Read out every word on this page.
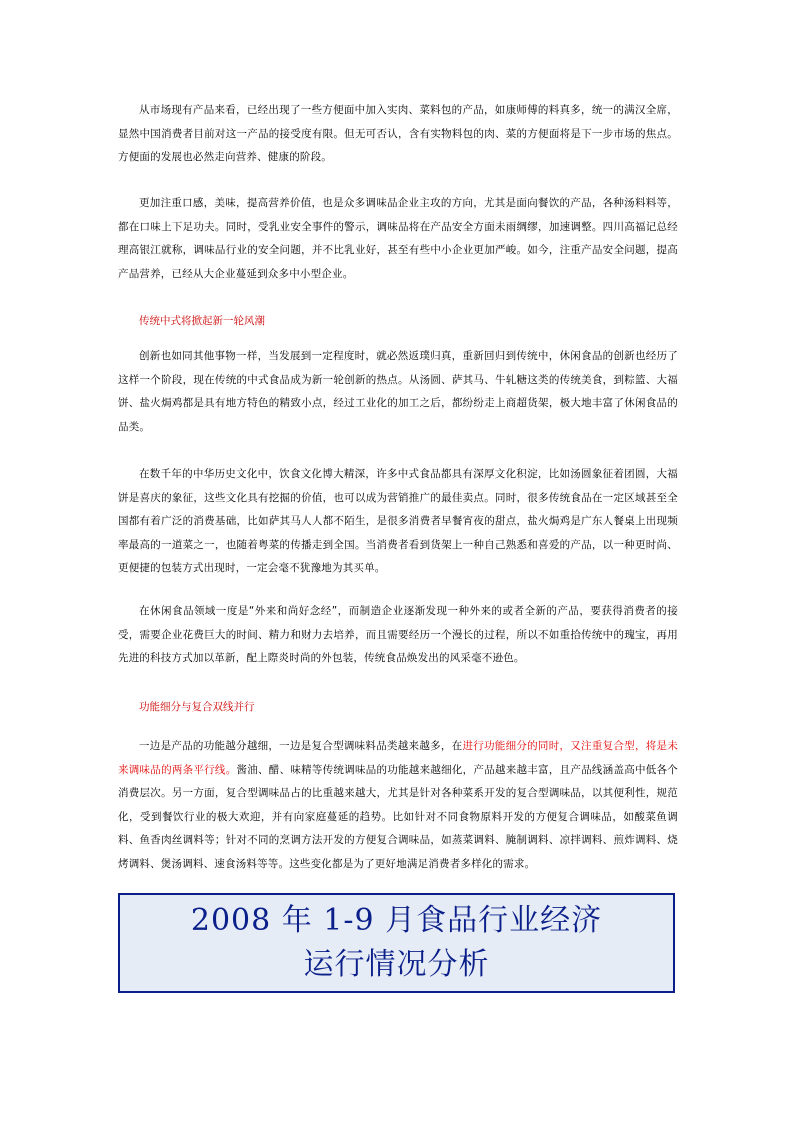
从市场现有产品来看，已经出现了一些方便面中加入实肉、菜料包的产品，如康师傅的料真多，统一的满汉全席，显然中国消费者目前对这一产品的接受度有限。但无可否认，含有实物料包的肉、菜的方便面将是下一步市场的焦点。方便面的发展也必然走向营养、健康的阶段。

更加注重口感，美味，提高营养价值，也是众多调味品企业主攻的方向，尤其是面向餐饮的产品，各种汤料料等，都在口味上下足功夫。同时，受乳业安全事件的警示，调味品将在产品安全方面未雨绸缪，加速调整。四川高福记总经理高银江就称，调味品行业的安全问题，并不比乳业好，甚至有些中小企业更加严峻。如今，注重产品安全问题，提高产品营养，已经从大企业蔓延到众多中小型企业。

传统中式将掀起新一轮风潮

创新也如同其他事物一样，当发展到一定程度时，就必然返璞归真，重新回归到传统中，休闲食品的创新也经历了这样一个阶段，现在传统的中式食品成为新一轮创新的热点。从汤圆、萨其马、牛轧糖这类的传统美食，到粽篮、大福饼、盐火焗鸡都是具有地方特色的精致小点，经过工业化的加工之后，都纷纷走上商超货架，极大地丰富了休闲食品的品类。

在数千年的中华历史文化中，饮食文化博大精深，许多中式食品都具有深厚文化积淀，比如汤圆象征着团圆，大福饼是喜庆的象征，这些文化具有挖掘的价值，也可以成为营销推广的最佳卖点。同时，很多传统食品在一定区域甚至全国都有着广泛的消费基础，比如萨其马人人都不陌生，是很多消费者早餐宵夜的甜点，盐火焗鸡是广东人餐桌上出现频率最高的一道菜之一，也随着粤菜的传播走到全国。当消费者看到货架上一种自己熟悉和喜爱的产品，以一种更时尚、更便捷的包装方式出现时，一定会毫不犹豫地为其买单。

在休闲食品领域一度是“外来和尚好念经”，而制造企业逐渐发现一种外来的或者全新的产品，要获得消费者的接受，需要企业花费巨大的时间、精力和财力去培养，而且需要经历一个漫长的过程，所以不如重拾传统中的瑰宝，再用先进的科技方式加以革新，配上際炎时尚的外包装，传统食品焕发出的风采毫不逊色。

功能细分与复合双线并行

一边是产品的功能越分越细，一边是复合型调味料品类越来越多，在进行功能细分的同时，又注重复合型，将是未来调味品的两条平行线。酱油、醋、味精等传统调味品的功能越来越细化，产品越来越丰富，且产品线涵盖高中低各个消费层次。另一方面，复合型调味品占的比重越来越大，尤其是针对各种菜系开发的复合型调味品，以其便利性，规范化，受到餐饮行业的极大欢迎，并有向家庭蔓延的趋势。比如针对不同食物原料开发的方便复合调味品，如酸菜鱼调料、鱼香肉丝调料等；针对不同的烹调方法开发的方便复合调味品，如蒸菜调料、腌制调料、凉拌调料、煎炸调料、烧烤调料、煲汤调料、速食汤料等等。这些变化都是为了更好地满足消费者多样化的需求。

2008 年 1-9 月食品行业经济运行情况分析
